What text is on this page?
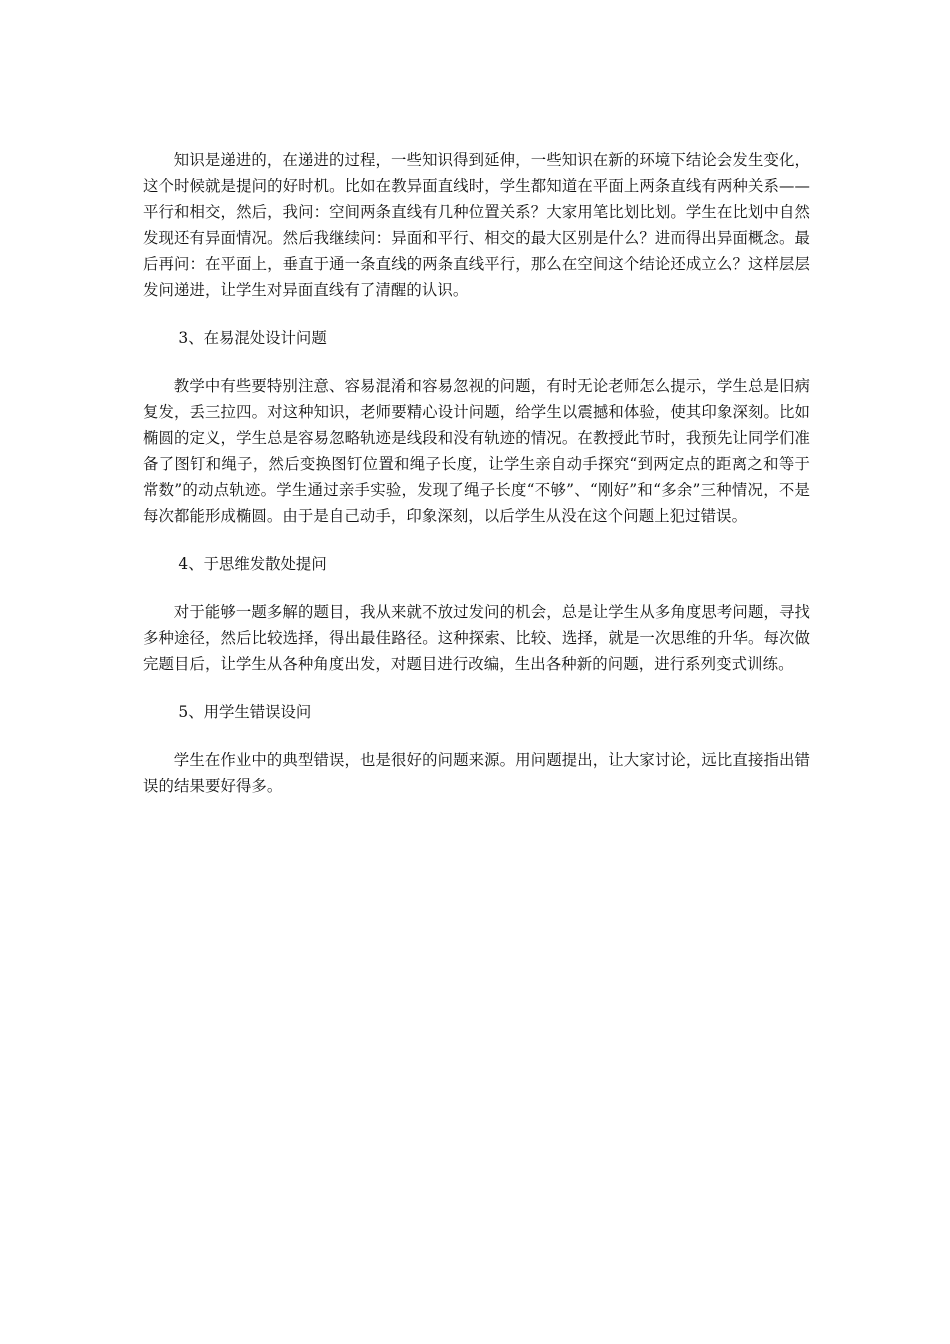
知识是递进的，在递进的过程，一些知识得到延伸，一些知识在新的环境下结论会发生变化，这个时候就是提问的好时机。比如在教异面直线时，学生都知道在平面上两条直线有两种关系——平行和相交，然后，我问：空间两条直线有几种位置关系？大家用笔比划比划。学生在比划中自然发现还有异面情况。然后我继续问：异面和平行、相交的最大区别是什么？进而得出异面概念。最后再问：在平面上，垂直于通一条直线的两条直线平行，那么在空间这个结论还成立么？这样层层发问递进，让学生对异面直线有了清醒的认识。

3、在易混处设计问题

教学中有些要特别注意、容易混淆和容易忽视的问题，有时无论老师怎么提示，学生总是旧病复发，丢三拉四。对这种知识，老师要精心设计问题，给学生以震撼和体验，使其印象深刻。比如椭圆的定义，学生总是容易忽略轨迹是线段和没有轨迹的情况。在教授此节时，我预先让同学们准备了图钉和绳子，然后变换图钉位置和绳子长度，让学生亲自动手探究“到两定点的距离之和等于常数”的动点轨迹。学生通过亲手实验，发现了绳子长度“不够”、“刚好”和“多余”三种情况，不是每次都能形成椭圆。由于是自己动手，印象深刻，以后学生从没在这个问题上犯过错误。

4、于思维发散处提问

对于能够一题多解的题目，我从来就不放过发问的机会，总是让学生从多角度思考问题，寻找多种途径，然后比较选择，得出最佳路径。这种探索、比较、选择，就是一次思维的升华。每次做完题目后，让学生从各种角度出发，对题目进行改编，生出各种新的问题，进行系列变式训练。

5、用学生错误设问

学生在作业中的典型错误，也是很好的问题来源。用问题提出，让大家讨论，远比直接指出错误的结果要好得多。
